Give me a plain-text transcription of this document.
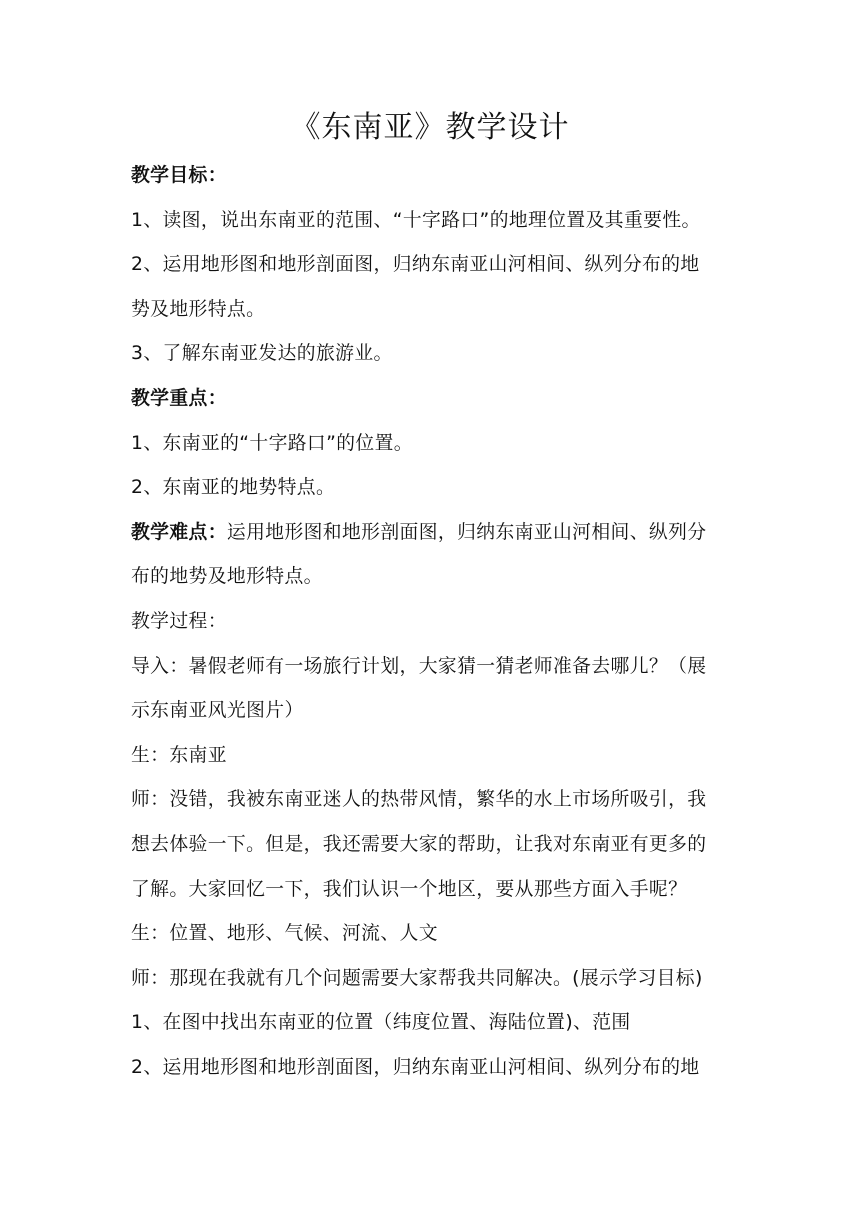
《东南亚》教学设计
教学目标：
1、读图，说出东南亚的范围、“十字路口”的地理位置及其重要性。
2、运用地形图和地形剖面图，归纳东南亚山河相间、纵列分布的地
势及地形特点。
3、了解东南亚发达的旅游业。
教学重点：
1、东南亚的“十字路口”的位置。
2、东南亚的地势特点。
教学难点：运用地形图和地形剖面图，归纳东南亚山河相间、纵列分
布的地势及地形特点。
教学过程：
导入：暑假老师有一场旅行计划，大家猜一猜老师准备去哪儿？（展
示东南亚风光图片）
生：东南亚
师：没错，我被东南亚迷人的热带风情，繁华的水上市场所吸引，我
想去体验一下。但是，我还需要大家的帮助，让我对东南亚有更多的
了解。大家回忆一下，我们认识一个地区，要从那些方面入手呢？
生：位置、地形、气候、河流、人文
师：那现在我就有几个问题需要大家帮我共同解决。(展示学习目标)
1、在图中找出东南亚的位置（纬度位置、海陆位置)、范围
2、运用地形图和地形剖面图，归纳东南亚山河相间、纵列分布的地
